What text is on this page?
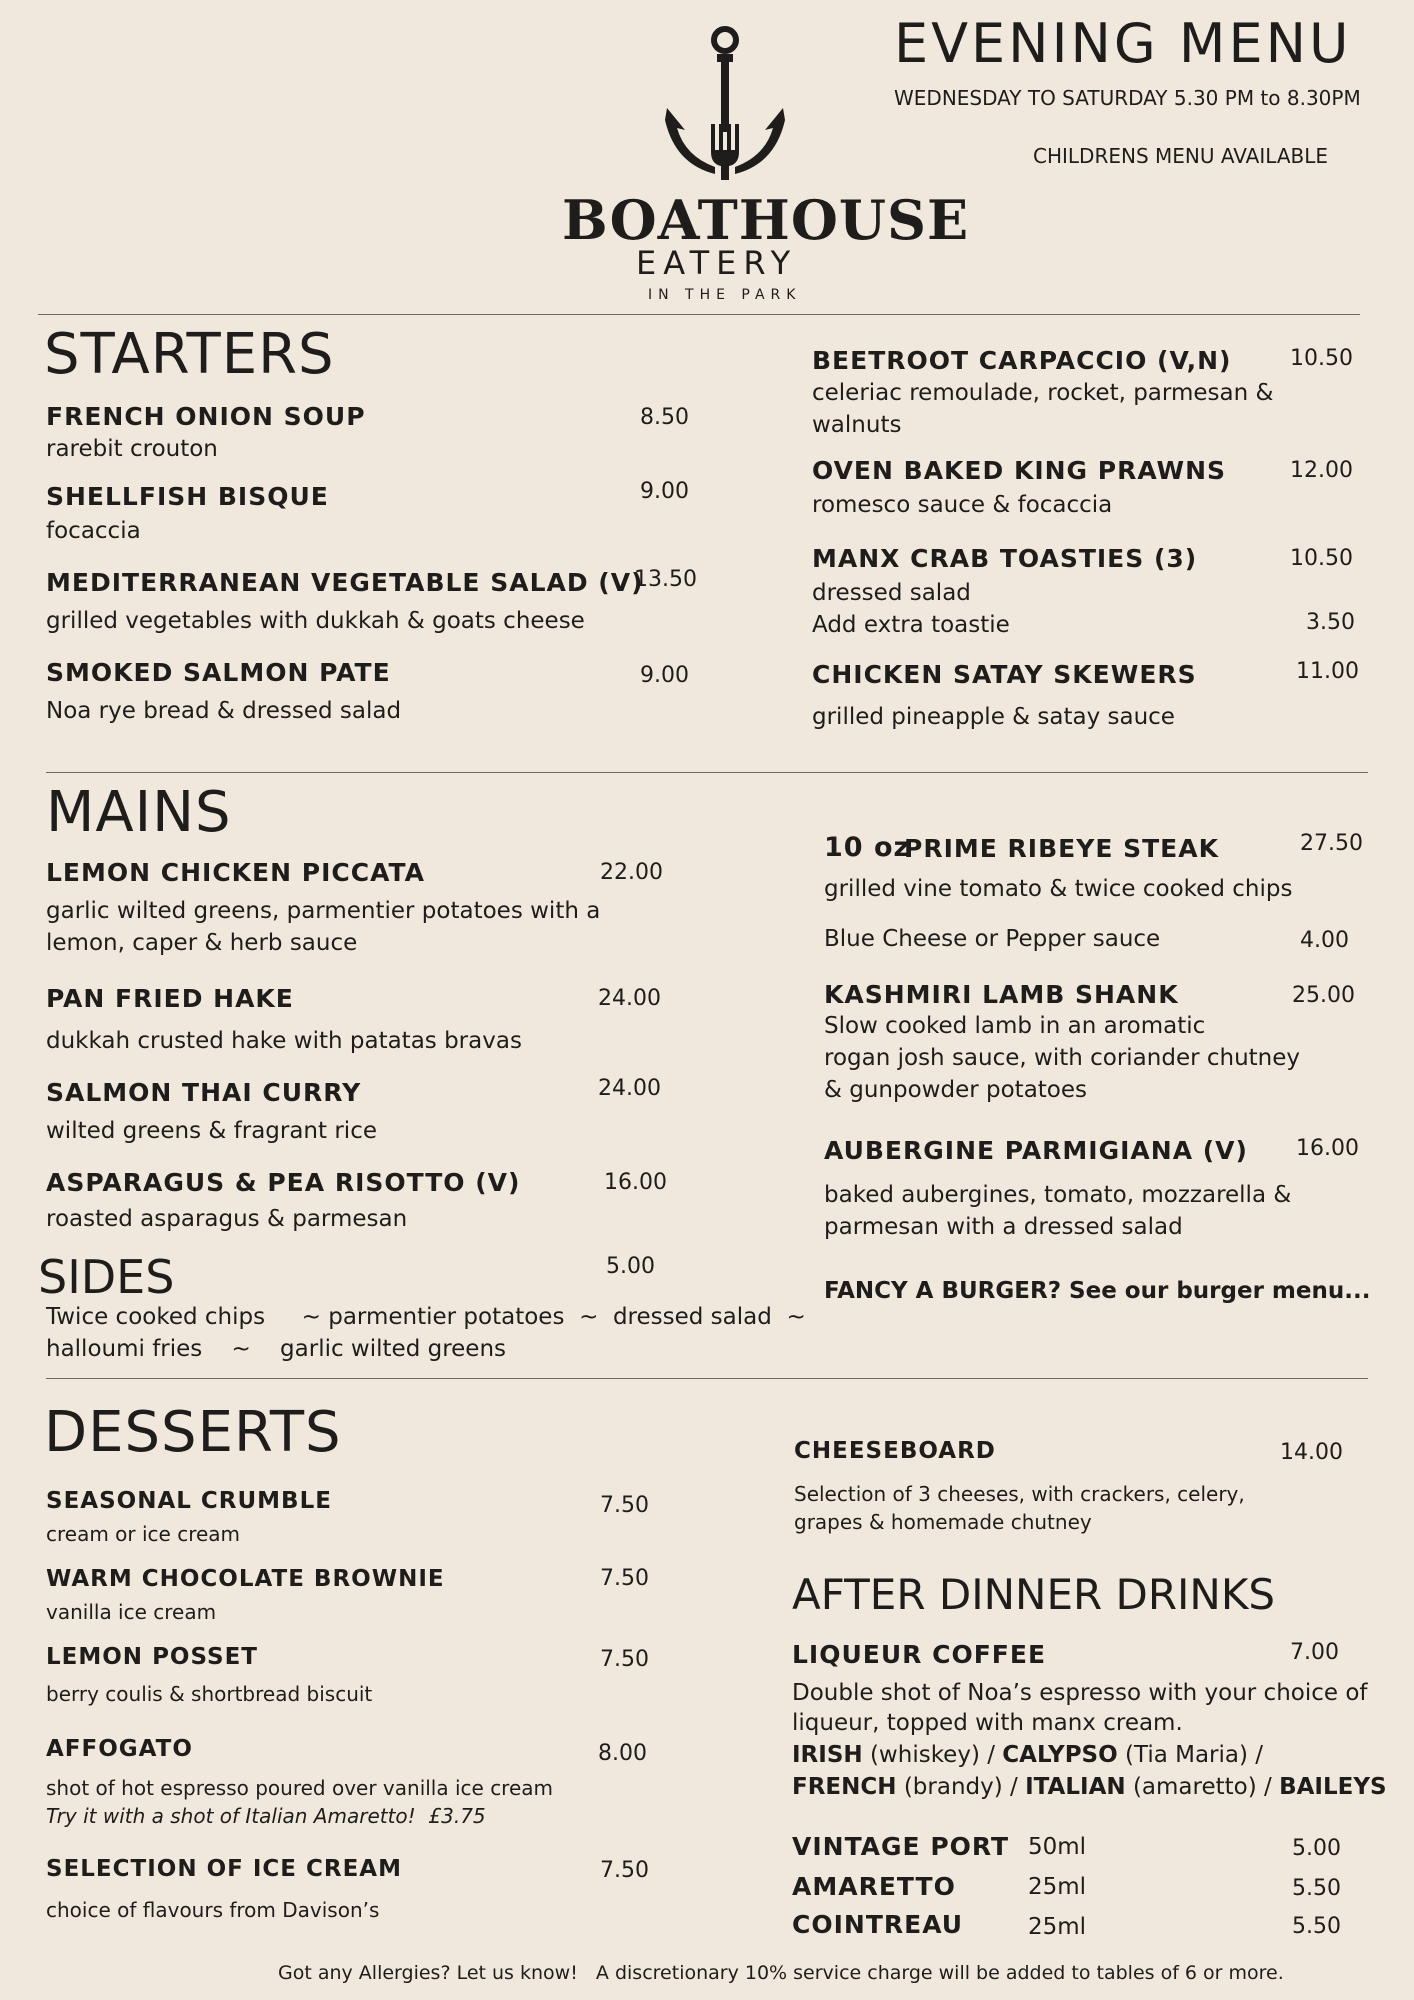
BOATHOUSE
EATERY
IN THE PARK
EVENING MENU
WEDNESDAY TO SATURDAY 5.30 PM to 8.30PM
CHILDRENS MENU AVAILABLE
STARTERS
FRENCH ONION SOUP	8.50
rarebit crouton
SHELLFISH BISQUE	9.00
focaccia
MEDITERRANEAN VEGETABLE SALAD (V)
13.50
grilled vegetables with dukkah & goats cheese
SMOKED SALMON PATE	9.00
Noa rye bread & dressed salad
BEETROOT CARPACCIO (V,N)	10.50
celeriac remoulade, rocket, parmesan &
walnuts
OVEN BAKED KING PRAWNS	12.00
romesco sauce & focaccia
MANX CRAB TOASTIES (3)	10.50
dressed salad
Add extra toastie	3.50
CHICKEN SATAY SKEWERS	11.00
grilled pineapple & satay sauce
MAINS
LEMON CHICKEN PICCATA	22.00
garlic wilted greens, parmentier potatoes with a
lemon, caper & herb sauce
PAN FRIED HAKE	24.00
dukkah crusted hake with patatas bravas
SALMON THAI CURRY	24.00
wilted greens & fragrant rice
ASPARAGUS & PEA RISOTTO (V)	16.00
roasted asparagus & parmesan
10 oz
PRIME RIBEYE STEAK	27.50
grilled vine tomato & twice cooked chips
Blue Cheese or Pepper sauce	4.00
KASHMIRI LAMB SHANK	25.00
Slow cooked lamb in an aromatic
rogan josh sauce, with coriander chutney
& gunpowder potatoes
AUBERGINE PARMIGIANA (V) 16.00
baked aubergines, tomato, mozzarella &
parmesan with a dressed salad
FANCY A BURGER? See our burger menu...
SIDES	5.00
Twice cooked chips     ~ parmentier potatoes  ~  dressed salad  ~
halloumi fries    ~    garlic wilted greens
DESSERTS
SEASONAL CRUMBLE	7.50
cream or ice cream
WARM CHOCOLATE BROWNIE	7.50
vanilla ice cream
LEMON POSSET	7.50
berry coulis & shortbread biscuit
AFFOGATO	8.00
shot of hot espresso poured over vanilla ice cream
Try it with a shot of Italian Amaretto!  £3.75
SELECTION OF ICE CREAM	7.50
choice of flavours from Davison’s
CHEESEBOARD	14.00
Selection of 3 cheeses, with crackers, celery,
grapes & homemade chutney
AFTER DINNER DRINKS
LIQUEUR COFFEE	7.00
Double shot of Noa’s espresso with your choice of
liqueur, topped with manx cream.
IRISH (whiskey) / CALYPSO (Tia Maria) /
FRENCH (brandy) / ITALIAN (amaretto) / BAILEYS
VINTAGE PORT 50ml	5.00
AMARETTO	25ml	5.50
COINTREAU	25ml	5.50
Got any Allergies? Let us know!   A discretionary 10% service charge will be added to tables of 6 or more.
